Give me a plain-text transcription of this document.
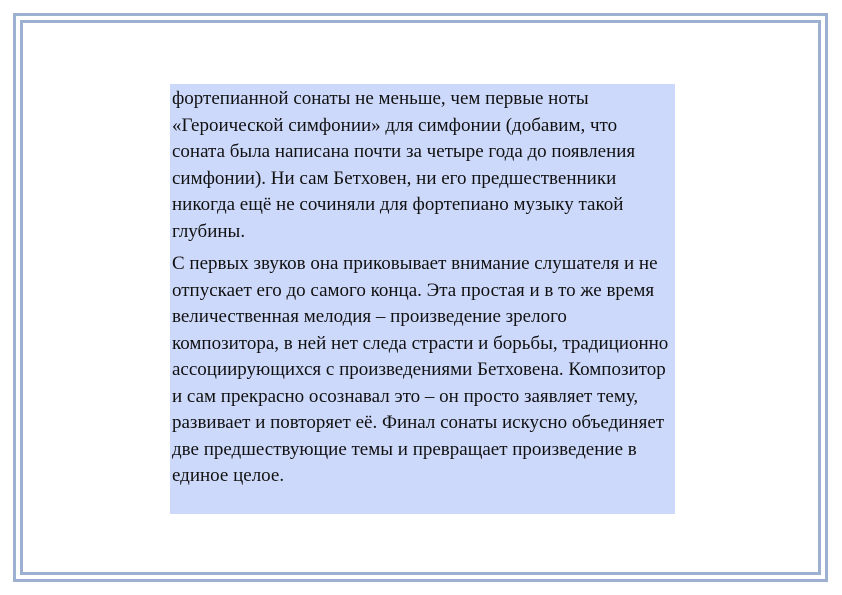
фортепианной сонаты не меньше, чем первые ноты «Героической симфонии» для симфонии (добавим, что соната была написана почти за четыре года до появления симфонии). Ни сам Бетховен, ни его предшественники никогда ещё не сочиняли для фортепиано музыку такой глубины.

С первых звуков она приковывает внимание слушателя и не отпускает его до самого конца. Эта простая и в то же время величественная мелодия – произведение зрелого композитора, в ней нет следа страсти и борьбы, традиционно ассоциирующихся с произведениями Бетховена. Композитор и сам прекрасно осознавал это – он просто заявляет тему, развивает и повторяет её. Финал сонаты искусно объединяет две предшествующие темы и превращает произведение в единое целое.
